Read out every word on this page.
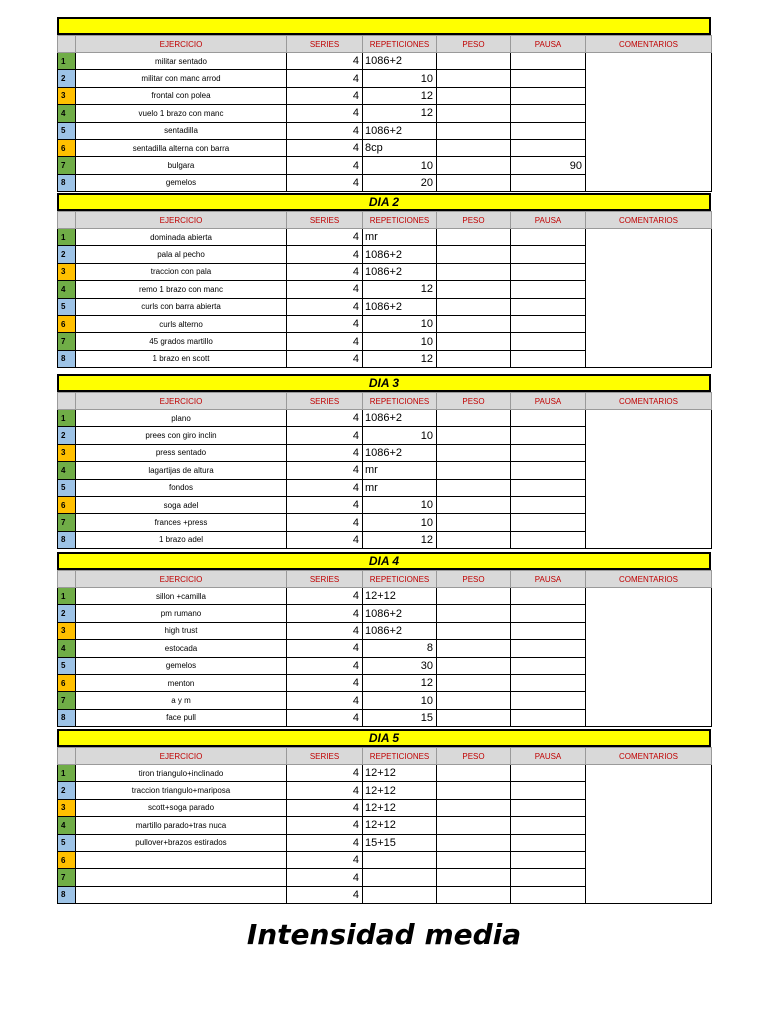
	EJERCICIO	SERIES	REPETICIONES	PESO	PAUSA	COMENTARIOS
1	militar sentado	4	1086+2			
2	militar con manc arrod	4	10			
3	frontal con polea	4	12			
4	vuelo 1 brazo con manc	4	12			
5	sentadilla	4	1086+2			
6	sentadilla alterna con barra	4	8cp			
7	bulgara	4	10		90	
8	gemelos	4	20			
DIA 2
	EJERCICIO	SERIES	REPETICIONES	PESO	PAUSA	COMENTARIOS
1	dominada abierta	4	mr			
2	pala al pecho	4	1086+2			
3	traccion con pala	4	1086+2			
4	remo 1 brazo con manc	4	12			
5	curls con barra abierta	4	1086+2			
6	curls alterno	4	10			
7	45 grados martillo	4	10			
8	1 brazo en scott	4	12			
DIA 3
	EJERCICIO	SERIES	REPETICIONES	PESO	PAUSA	COMENTARIOS
1	plano	4	1086+2			
2	prees con giro inclin	4	10			
3	press sentado	4	1086+2			
4	lagartijas de altura	4	mr			
5	fondos	4	mr			
6	soga adel	4	10			
7	frances +press	4	10			
8	1 brazo adel	4	12			
DIA 4
	EJERCICIO	SERIES	REPETICIONES	PESO	PAUSA	COMENTARIOS
1	sillon +camilla	4	12+12			
2	pm rumano	4	1086+2			
3	high trust	4	1086+2			
4	estocada	4	8			
5	gemelos	4	30			
6	menton	4	12			
7	a y m	4	10			
8	face pull	4	15			
DIA 5
	EJERCICIO	SERIES	REPETICIONES	PESO	PAUSA	COMENTARIOS
1	tiron triangulo+inclinado	4	12+12			
2	traccion triangulo+mariposa	4	12+12			
3	scott+soga parado	4	12+12			
4	martillo parado+tras nuca	4	12+12			
5	pullover+brazos estirados	4	15+15			
6		4				
7		4				
8		4				
Intensidad media
